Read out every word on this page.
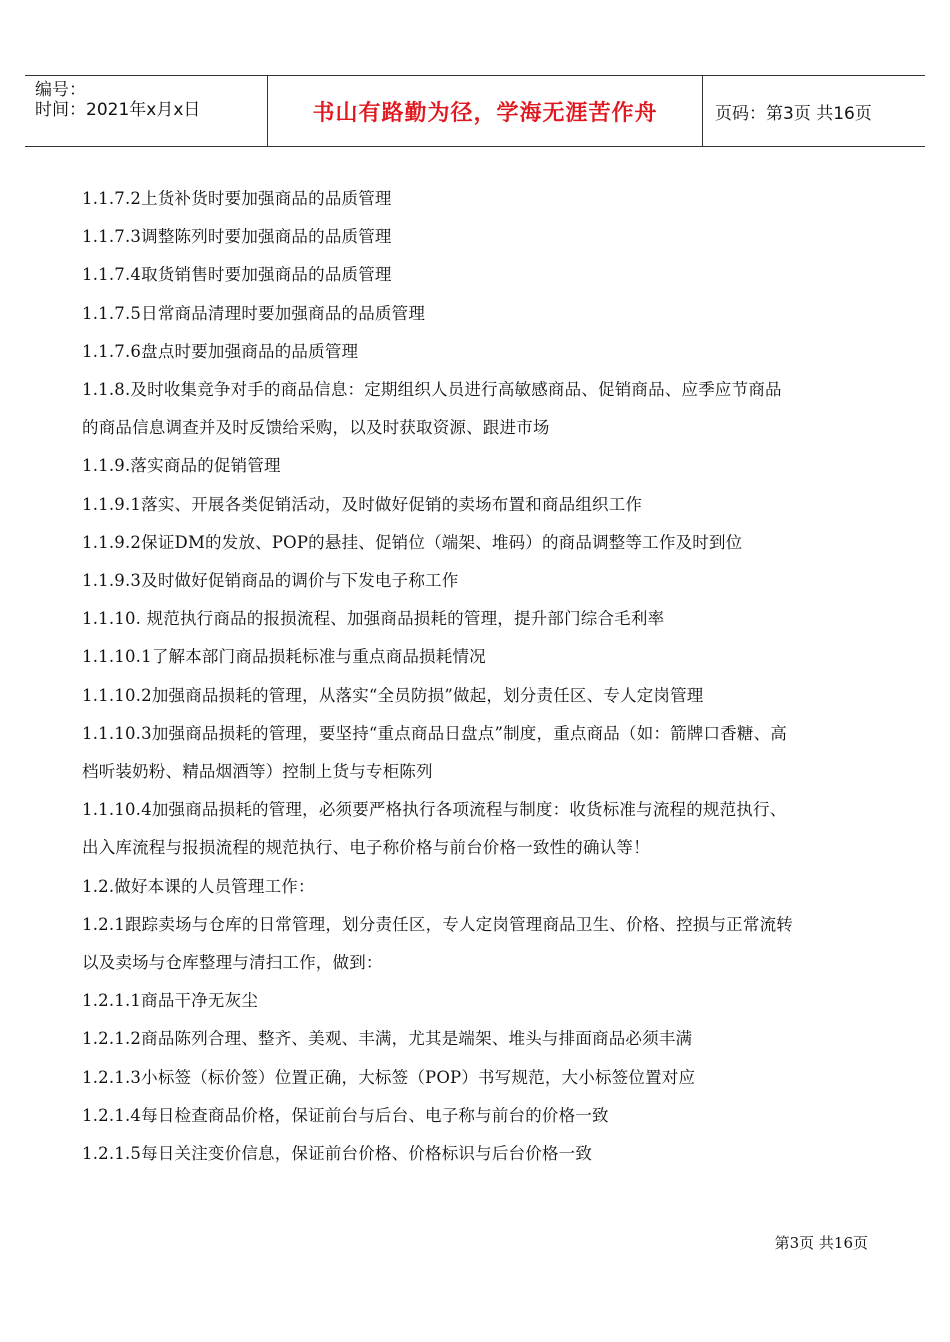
编号：
时间：2021年x月x日	书山有路勤为径，学海无涯苦作舟	页码：第3页 共16页

1.1.7.2上货补货时要加强商品的品质管理

1.1.7.3调整陈列时要加强商品的品质管理

1.1.7.4取货销售时要加强商品的品质管理

1.1.7.5日常商品清理时要加强商品的品质管理

1.1.7.6盘点时要加强商品的品质管理

1.1.8.及时收集竞争对手的商品信息：定期组织人员进行高敏感商品、促销商品、应季应节商品

的商品信息调查并及时反馈给采购，以及时获取资源、跟进市场

1.1.9.落实商品的促销管理

1.1.9.1落实、开展各类促销活动，及时做好促销的卖场布置和商品组织工作

1.1.9.2保证DM的发放、POP的悬挂、促销位（端架、堆码）的商品调整等工作及时到位

1.1.9.3及时做好促销商品的调价与下发电子称工作

1.1.10. 规范执行商品的报损流程、加强商品损耗的管理，提升部门综合毛利率

1.1.10.1了解本部门商品损耗标准与重点商品损耗情况

1.1.10.2加强商品损耗的管理，从落实“全员防损”做起，划分责任区、专人定岗管理

1.1.10.3加强商品损耗的管理，要坚持“重点商品日盘点”制度，重点商品（如：箭牌口香糖、高

档听装奶粉、精品烟酒等）控制上货与专柜陈列

1.1.10.4加强商品损耗的管理，必须要严格执行各项流程与制度：收货标准与流程的规范执行、

出入库流程与报损流程的规范执行、电子称价格与前台价格一致性的确认等！

1.2.做好本课的人员管理工作：

1.2.1跟踪卖场与仓库的日常管理，划分责任区，专人定岗管理商品卫生、价格、控损与正常流转

以及卖场与仓库整理与清扫工作，做到：

1.2.1.1商品干净无灰尘

1.2.1.2商品陈列合理、整齐、美观、丰满，尤其是端架、堆头与排面商品必须丰满

1.2.1.3小标签（标价签）位置正确，大标签（POP）书写规范，大小标签位置对应

1.2.1.4每日检查商品价格，保证前台与后台、电子称与前台的价格一致

1.2.1.5每日关注变价信息，保证前台价格、价格标识与后台价格一致

第3页 共16页
